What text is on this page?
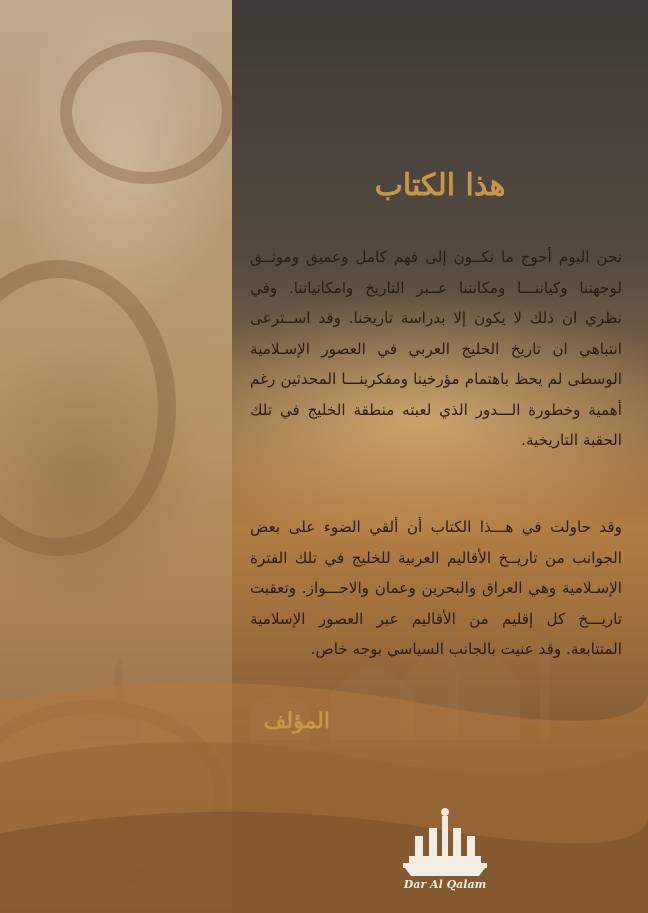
هذا الكتاب
نحن اليوم أحوج ما نكــون إلى فهم كامل وعميق وموثــق لوجهتنا وكياننـــا ومكانتنا عــبر التاريخ وامكانياتنا. وفي نظري ان ذلك لا يكون إلا بدراسة تاريخنا. وقد اســترعى انتباهي ان تاريخ الخليج العربي في العصور الإسـلامية الوسطى لم يحظ باهتمام مؤرخينا ومفكرينـــا المحدثين رغم أهمية وخطورة الـــدور الذي لعبته منطقة الخليج في تلك الحقبة التاريخية.
وقد حاولت في هـــذا الكتاب أن ألقي الضوء على بعض الجوانب من تاريــخ الأقاليم العربية للخليج في تلك الفترة الإسـلامية وهي العراق والبحرين وعمان والاحـــواز. وتعقبت تاريـــخ كل إقليم من الأقاليم عبر العصور الإسلامية المتتابعة. وقد عنيت بالجانب السياسي بوجه خاص.
المؤلف
Dar Al Qalam
